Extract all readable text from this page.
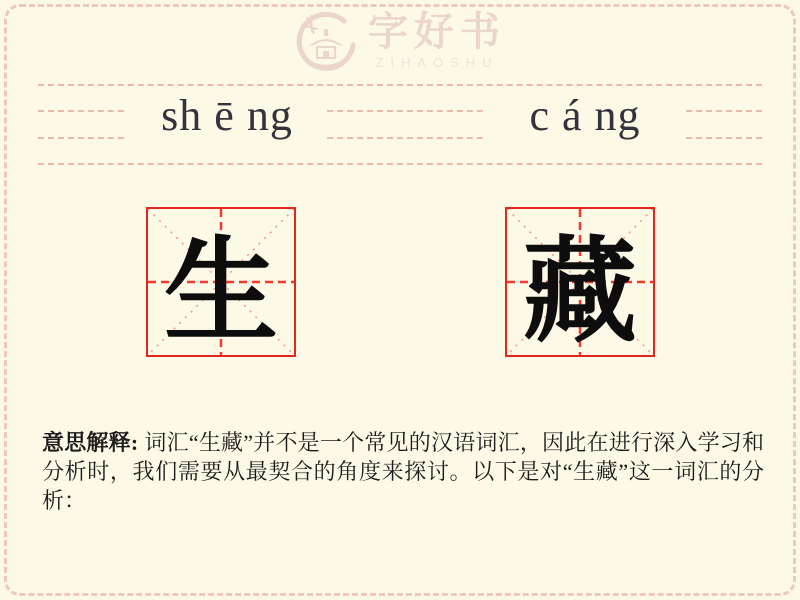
字好书
ZIHAOSHU
sh ē ng	c á ng
生 藏

意思解释: 词汇“生藏”并不是一个常见的汉语词汇，因此在进行深入学习和分析时，我们需要从最契合的角度来探讨。以下是对“生藏”这一词汇的分析：
